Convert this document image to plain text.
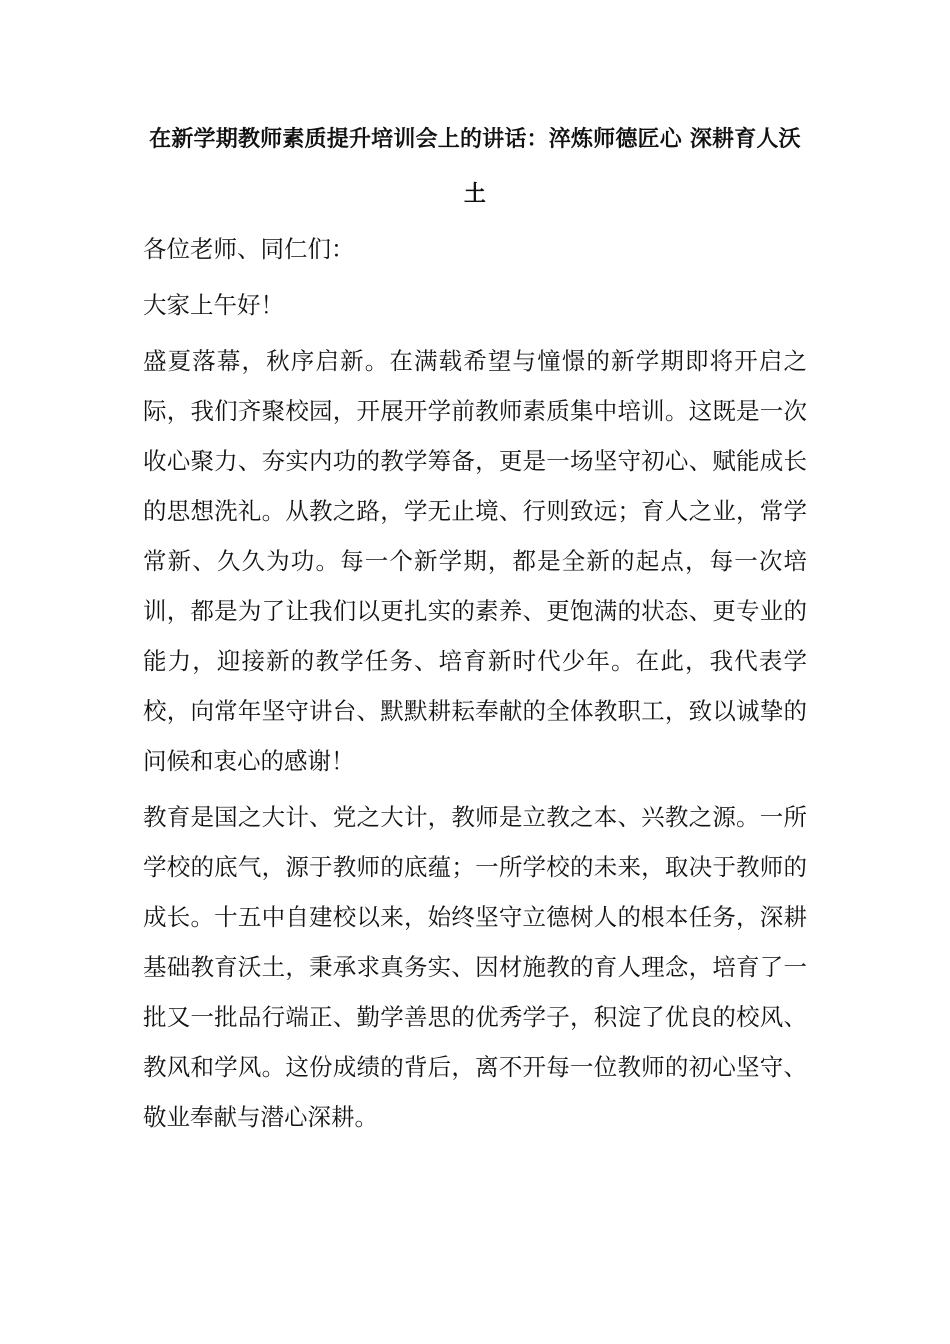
在新学期教师素质提升培训会上的讲话：淬炼师德匠心 深耕育人沃土

各位老师、同仁们：

大家上午好！

盛夏落幕，秋序启新。在满载希望与憧憬的新学期即将开启之际，我们齐聚校园，开展开学前教师素质集中培训。这既是一次收心聚力、夯实内功的教学筹备，更是一场坚守初心、赋能成长的思想洗礼。从教之路，学无止境、行则致远；育人之业，常学常新、久久为功。每一个新学期，都是全新的起点，每一次培训，都是为了让我们以更扎实的素养、更饱满的状态、更专业的能力，迎接新的教学任务、培育新时代少年。在此，我代表学校，向常年坚守讲台、默默耕耘奉献的全体教职工，致以诚挚的问候和衷心的感谢！

教育是国之大计、党之大计，教师是立教之本、兴教之源。一所学校的底气，源于教师的底蕴；一所学校的未来，取决于教师的成长。十五中自建校以来，始终坚守立德树人的根本任务，深耕基础教育沃土，秉承求真务实、因材施教的育人理念，培育了一批又一批品行端正、勤学善思的优秀学子，积淀了优良的校风、教风和学风。这份成绩的背后，离不开每一位教师的初心坚守、敬业奉献与潜心深耕。
